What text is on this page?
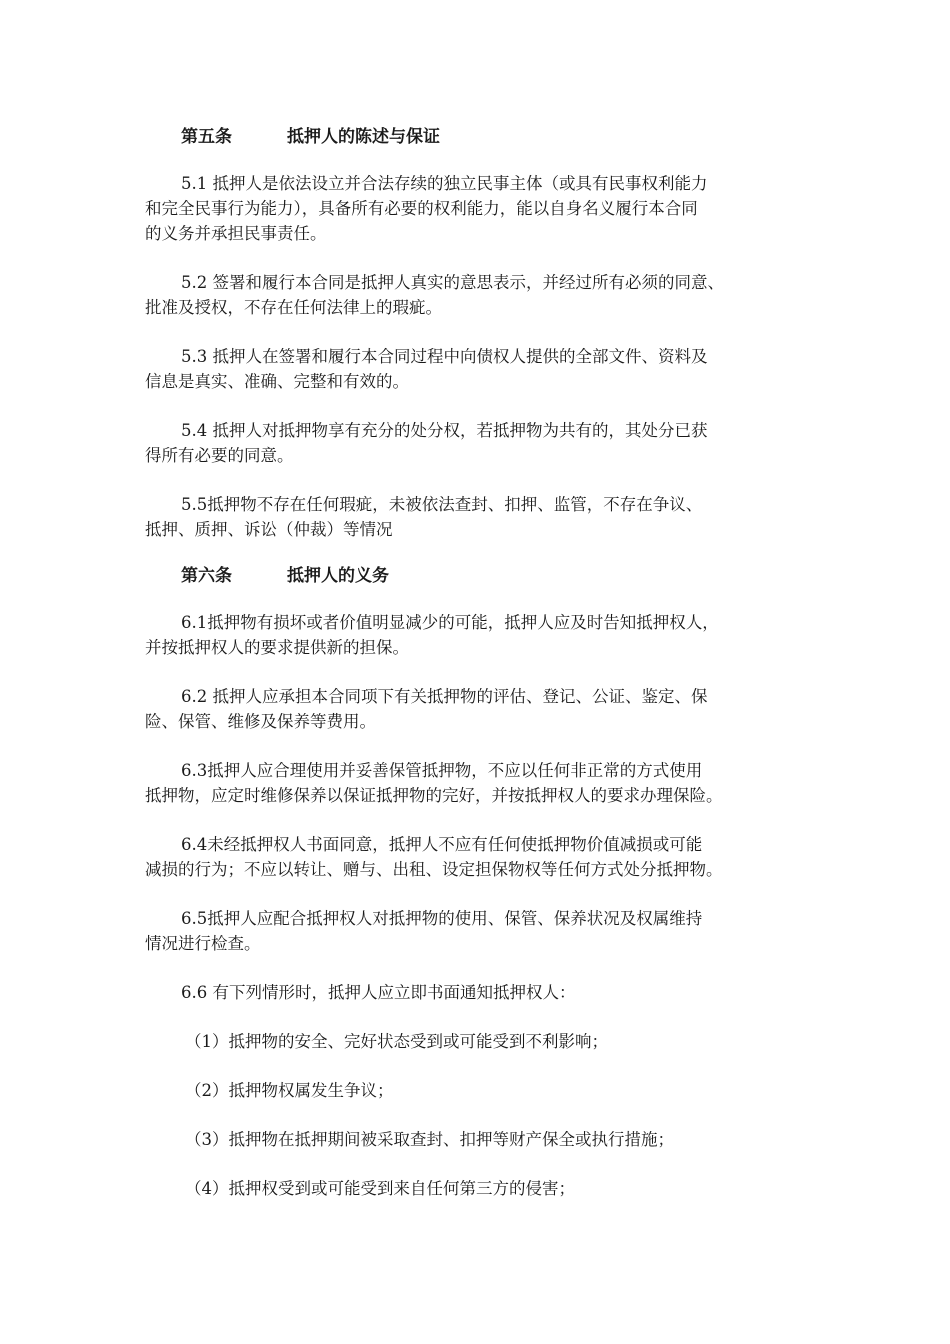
第五条	抵押人的陈述与保证

5.1 抵押人是依法设立并合法存续的独立民事主体（或具有民事权利能力
和完全民事行为能力），具备所有必要的权利能力，能以自身名义履行本合同
的义务并承担民事责任。

5.2 签署和履行本合同是抵押人真实的意思表示，并经过所有必须的同意、
批准及授权，不存在任何法律上的瑕疵。

5.3 抵押人在签署和履行本合同过程中向债权人提供的全部文件、资料及
信息是真实、准确、完整和有效的。

5.4 抵押人对抵押物享有充分的处分权，若抵押物为共有的，其处分已获
得所有必要的同意。

5.5抵押物不存在任何瑕疵，未被依法查封、扣押、监管，不存在争议、
抵押、质押、诉讼（仲裁）等情况

第六条	抵押人的义务

6.1抵押物有损坏或者价值明显减少的可能，抵押人应及时告知抵押权人，
并按抵押权人的要求提供新的担保。

6.2 抵押人应承担本合同项下有关抵押物的评估、登记、公证、鉴定、保
险、保管、维修及保养等费用。

6.3抵押人应合理使用并妥善保管抵押物，不应以任何非正常的方式使用
抵押物，应定时维修保养以保证抵押物的完好，并按抵押权人的要求办理保险。

6.4未经抵押权人书面同意，抵押人不应有任何使抵押物价值减损或可能
减损的行为；不应以转让、赠与、出租、设定担保物权等任何方式处分抵押物。

6.5抵押人应配合抵押权人对抵押物的使用、保管、保养状况及权属维持
情况进行检查。

6.6 有下列情形时，抵押人应立即书面通知抵押权人：

（1）抵押物的安全、完好状态受到或可能受到不利影响；

（2）抵押物权属发生争议；

（3）抵押物在抵押期间被采取查封、扣押等财产保全或执行措施；

（4）抵押权受到或可能受到来自任何第三方的侵害；
